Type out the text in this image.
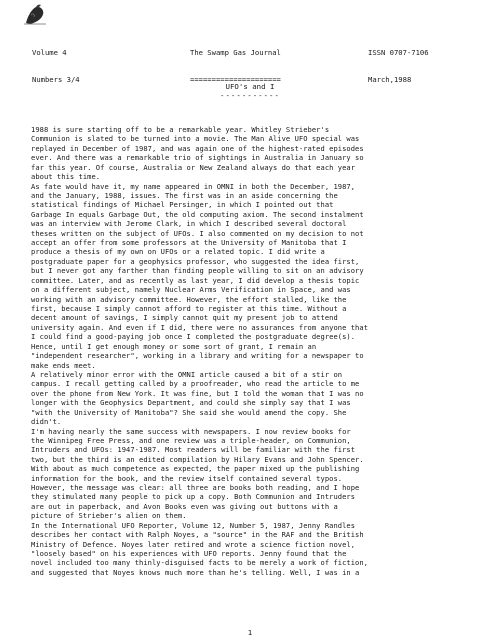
Volume 4

Numbers 3/4

The Swamp Gas Journal

=====================

ISSN 0707-7106

March,1988

UFO's and I
-----------
1988 is sure starting off to be a remarkable year. Whitley Strieber's
Communion is slated to be turned into a movie. The Man Alive UFO special was
replayed in December of 1987, and was again one of the highest-rated episodes
ever. And there was a remarkable trio of sightings in Australia in January so
far this year. Of course, Australia or New Zealand always do that each year
about this time.
As fate would have it, my name appeared in OMNI in both the December, 1987,
and the January, 1988, issues. The first was in an aside concerning the
statistical findings of Michael Persinger, in which I pointed out that
Garbage In equals Garbage Out, the old computing axiom. The second instalment
was an interview with Jerome Clark, in which I described several doctoral
theses written on the subject of UFOs. I also commented on my decision to not
accept an offer from some professors at the University of Manitoba that I
produce a thesis of my own on UFOs or a related topic. I did write a
postgraduate paper for a geophysics professor, who suggested the idea first,
but I never got any farther than finding people willing to sit on an advisory
committee. Later, and as recently as last year, I did develop a thesis topic
on a different subject, namely Nuclear Arms Verification in Space, and was
working with an advisory committee. However, the effort stalled, like the
first, because I simply cannot afford to register at this time. Without a
decent amount of savings, I simply cannot quit my present job to attend
university again. And even if I did, there were no assurances from anyone that
I could find a good-paying job once I completed the postgraduate degree(s).
Hence, until I get enough money or some sort of grant, I remain an
"independent researcher", working in a library and writing for a newspaper to
make ends meet.
A relatively minor error with the OMNI article caused a bit of a stir on
campus. I recall getting called by a proofreader, who read the article to me
over the phone from New York. It was fine, but I told the woman that I was no
longer with the Geophysics Department, and could she simply say that I was
"with the University of Manitoba"? She said she would amend the copy. She
didn't.
I'm having nearly the same success with newspapers. I now review books for
the Winnipeg Free Press, and one review was a triple-header, on Communion,
Intruders and UFOs: 1947-1987. Most readers will be familiar with the first
two, but the third is an edited compilation by Hilary Evans and John Spencer.
With about as much competence as expected, the paper mixed up the publishing
information for the book, and the review itself contained several typos.
However, the message was clear: all three are books both reading, and I hope
they stimulated many people to pick up a copy. Both Communion and Intruders
are out in paperback, and Avon Books even was giving out buttons with a
picture of Strieber's alien on them.
In the International UFO Reporter, Volume 12, Number 5, 1987, Jenny Randles
describes her contact with Ralph Noyes, a "source" in the RAF and the British
Ministry of Defence. Noyes later retired and wrote a science fiction novel,
"loosely based" on his experiences with UFO reports. Jenny found that the
novel included too many thinly-disguised facts to be merely a work of fiction,
and suggested that Noyes knows much more than he's telling. Well, I was in a
1
